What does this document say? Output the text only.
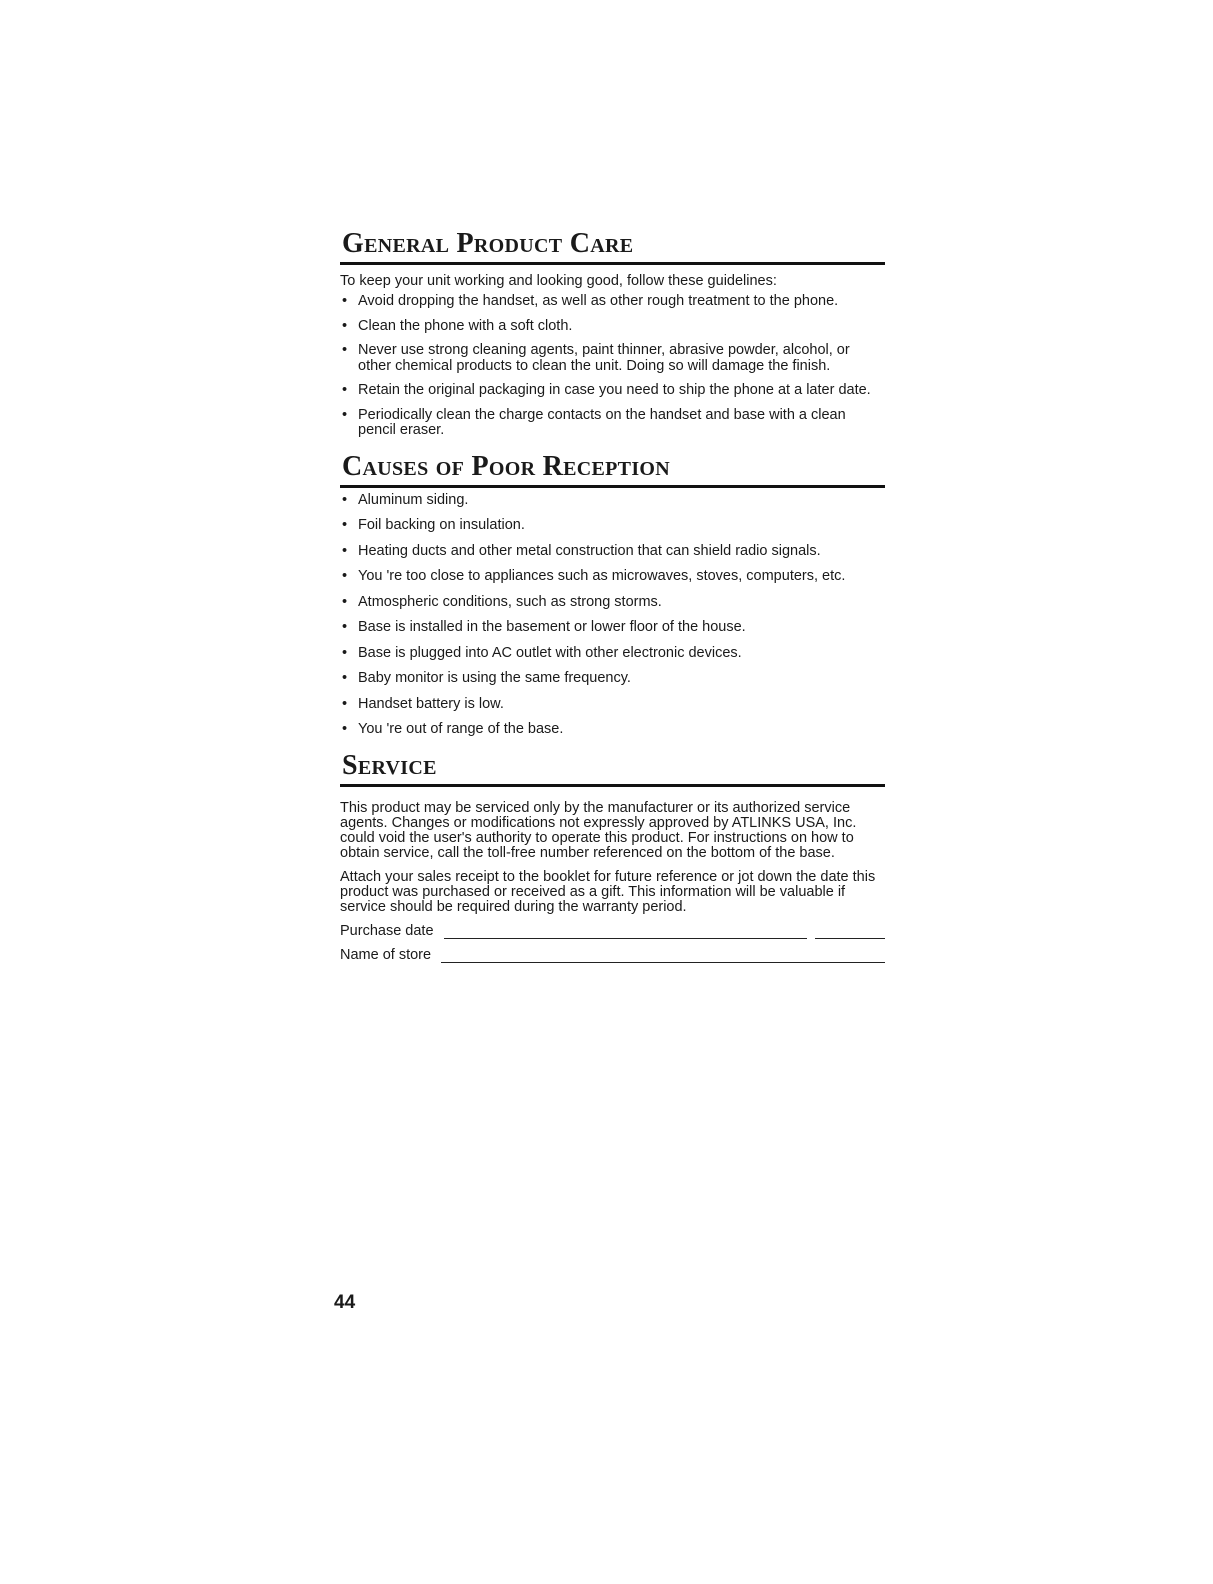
General Product Care

To keep your unit working and looking good, follow these guidelines:

• Avoid dropping the handset, as well as other rough treatment to the phone.
• Clean the phone with a soft cloth.
• Never use strong cleaning agents, paint thinner, abrasive powder, alcohol, or other chemical products to clean the unit. Doing so will damage the finish.
• Retain the original packaging in case you need to ship the phone at a later date.
• Periodically clean the charge contacts on the handset and base with a clean pencil eraser.
Causes of Poor Reception
• Aluminum siding.
• Foil backing on insulation.
• Heating ducts and other metal construction that can shield radio signals.
• You 're too close to appliances such as microwaves, stoves, computers, etc.
• Atmospheric conditions, such as strong storms.
• Base is installed in the basement or lower floor of the house.
• Base is plugged into AC outlet with other electronic devices.
• Baby monitor is using the same frequency.
• Handset battery is low.
• You 're out of range of the base.
Service

This product may be serviced only by the manufacturer or its authorized service agents. Changes or modifications not expressly approved by ATLINKS USA, Inc. could void the user's authority to operate this product. For instructions on how to obtain service, call the toll-free number referenced on the bottom of the base.

Attach your sales receipt to the booklet for future reference or jot down the date this product was purchased or received as a gift. This information will be valuable if service should be required during the warranty period.

Purchase date
Name of store
44
